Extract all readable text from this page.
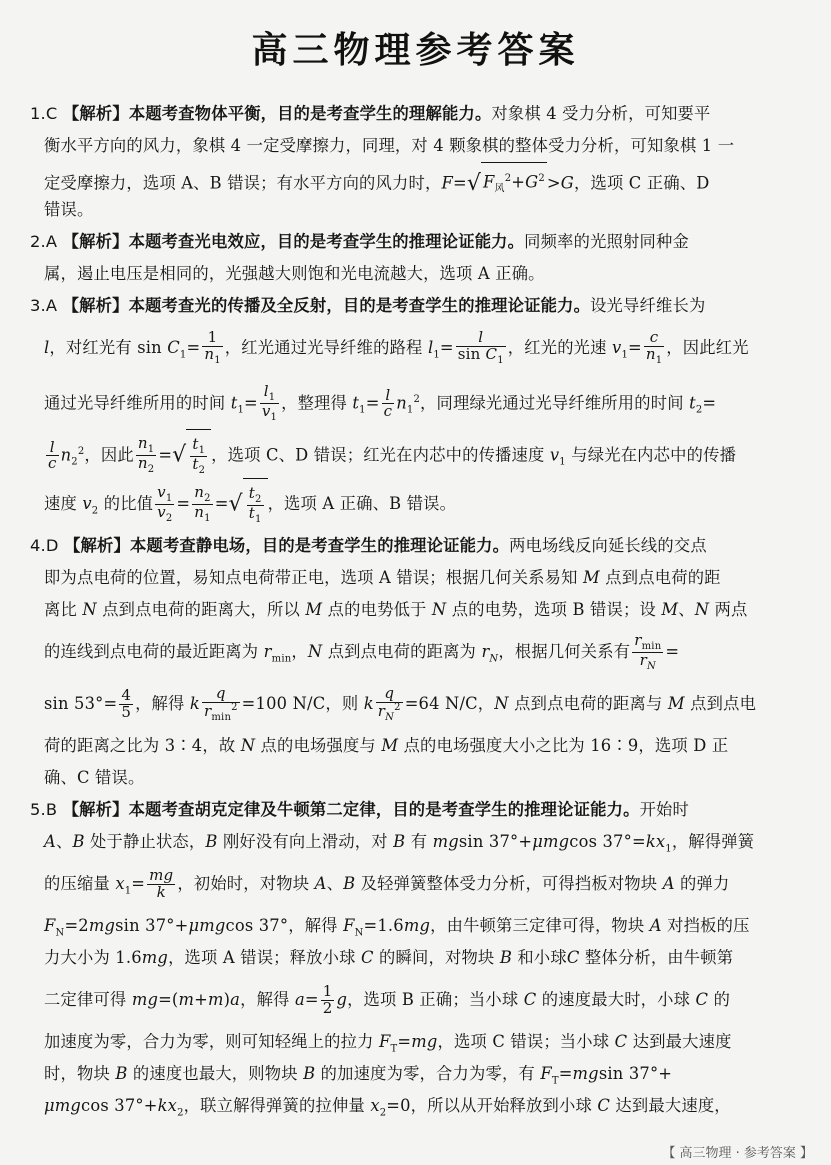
高三物理参考答案
1.C 【解析】本题考查物体平衡，目的是考查学生的理解能力。对象棋 4 受力分析，可知要平
衡水平方向的风力，象棋 4 一定受摩擦力，同理，对 4 颗象棋的整体受力分析，可知象棋 1 一
定受摩擦力，选项 A、B 错误；有水平方向的风力时，F=√ $F_风^2+G^2 >G$，选项 C 正确、D
错误。
2.A 【解析】本题考查光电效应，目的是考查学生的推理论证能力。同频率的光照射同种金
属，遏止电压是相同的，光强越大则饱和光电流越大，选项 A 正确。
3.A 【解析】本题考查光的传播及全反射，目的是考查学生的推理论证能力。设光导纤维长为
l，对红光有 $\sin C_1= \frac{1}{n_1}$ ，红光通过光导纤维的路程 $l_1= \frac{l}{\sin C_1}$ ，红光的光速 $v_1= \frac{c}{n_1}$ ，因此红光
通过光导纤维所用的时间 $t_1= \frac{l_1}{v_1}$ ，整理得 $t_1= \frac{l}{c} n_1^2$，同理绿光通过光导纤维所用的时间 $t_2=$
$\frac{l}{c} n_2^2$，因此 $\frac{n_1}{n_2}$ =√ $\frac{t_1}{t_2}$ ，选项 C、D 错误；红光在内芯中的传播速度 $v_1$ 与绿光在内芯中的传播
速度 $v_2$ 的比值 $\frac{v_1}{v_2} = \frac{n_2}{n_1}$ =√ $\frac{t_2}{t_1}$ ，选项 A 正确、B 错误。
4.D 【解析】本题考查静电场，目的是考查学生的推理论证能力。两电场线反向延长线的交点
即为点电荷的位置，易知点电荷带正电，选项 A 错误；根据几何关系易知 M 点到点电荷的距
离比 N 点到点电荷的距离大，所以 M 点的电势低于 N 点的电势，选项 B 错误；设 M、N 两点
的连线到点电荷的最近距离为 $r_{min}$，N 点到点电荷的距离为 $r_N$，根据几何关系有 $\frac{r_{min}}{r_N}$ =
$\sin 53^\circ= \frac{4}{5}$ ，解得 k $\frac{q}{r_{min}^2} =100$ N/C，则 k $\frac{q}{r_N^2} =64$ N/C，N 点到点电荷的距离与 M 点到点电
荷的距离之比为 3∶4，故 N 点的电场强度与 M 点的电场强度大小之比为 16∶9，选项 D 正
确、C 错误。
5.B 【解析】本题考查胡克定律及牛顿第二定律，目的是考查学生的推理论证能力。开始时
A、B 处于静止状态，B 刚好没有向上滑动，对 B 有 mgsin 37°+μmgcos $37^\circ=kx_1$，解得弹簧
的压缩量 $x_1= \frac{mg}{k}$ ，初始时，对物块 A、B 及轻弹簧整体受力分析，可得挡板对物块 A 的弹力
$F_N=2mgsin$ 37°+μmgcos 37°，解得 $F_N=1.6mg$，由牛顿第三定律可得，物块 A 对挡板的压
力大小为 1.6mg，选项 A 错误；释放小球 C 的瞬间，对物块 B 和小球C 整体分析，由牛顿第
二定律可得 mg=(m+m)a，解得 $a= \frac{1}{2}$ g，选项 B 正确；当小球 C 的速度最大时，小球 C 的
加速度为零，合力为零，则可知轻绳上的拉力 $F_T=mg$，选项 C 错误；当小球 C 达到最大速度
时，物块 B 的速度也最大，则物块 B 的加速度为零，合力为零，有 $F_T=mgsin$ 37°+
μmgcos $37^\circ+kx_2$，联立解得弹簧的拉伸量 $x_2=0$，所以从开始释放到小球 C 达到最大速度，
【 高三物理 · 参考答案 】
